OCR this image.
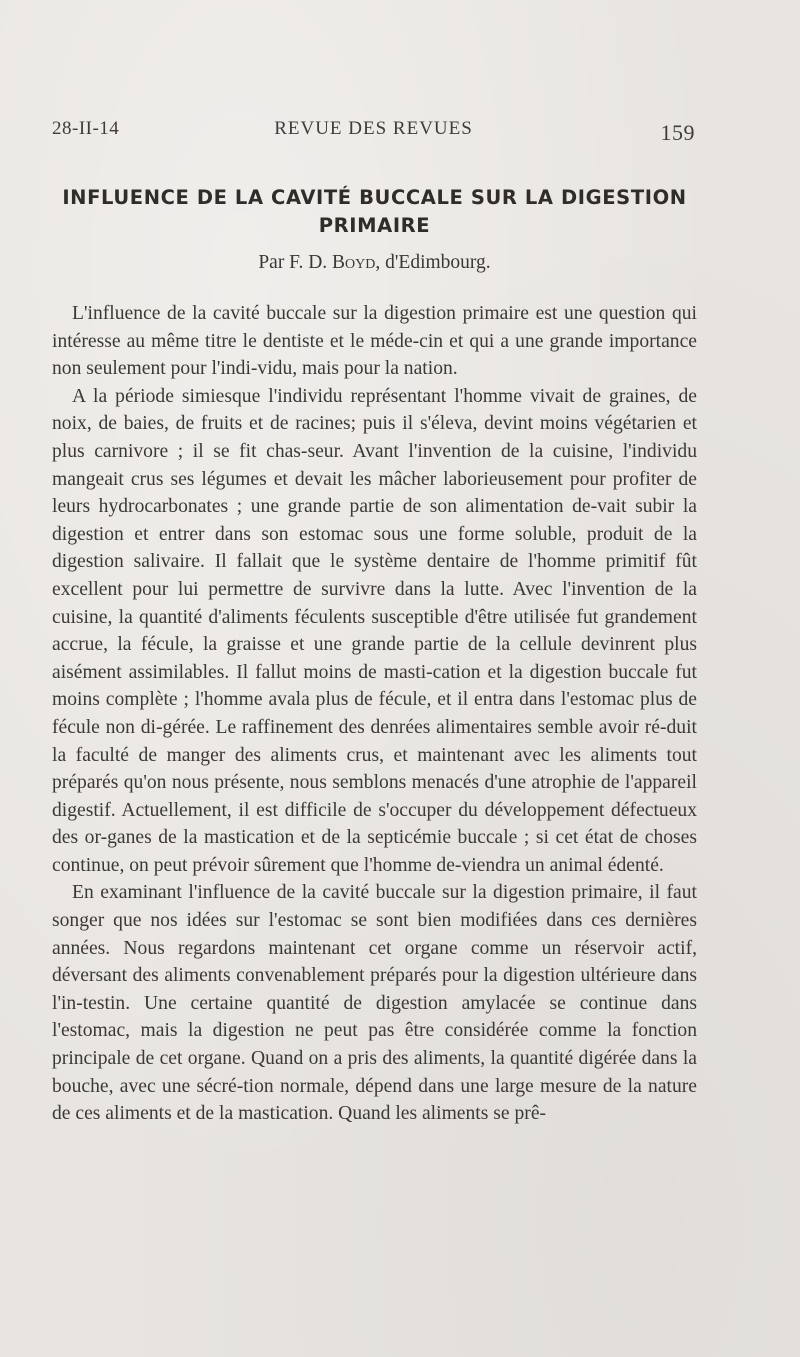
28-II-14	REVUE DES REVUES	159
INFLUENCE DE LA CAVITÉ BUCCALE SUR LA DIGESTION PRIMAIRE
Par F. D. Boyd, d'Edimbourg.

L'influence de la cavité buccale sur la digestion primaire est une question qui intéresse au même titre le dentiste et le méde-cin et qui a une grande importance non seulement pour l'indi-vidu, mais pour la nation.

A la période simiesque l'individu représentant l'homme vivait de graines, de noix, de baies, de fruits et de racines; puis il s'éleva, devint moins végétarien et plus carnivore ; il se fit chas-seur. Avant l'invention de la cuisine, l'individu mangeait crus ses légumes et devait les mâcher laborieusement pour profiter de leurs hydrocarbonates ; une grande partie de son alimentation de-vait subir la digestion et entrer dans son estomac sous une forme soluble, produit de la digestion salivaire. Il fallait que le système dentaire de l'homme primitif fût excellent pour lui permettre de survivre dans la lutte. Avec l'invention de la cuisine, la quantité d'aliments féculents susceptible d'être utilisée fut grandement accrue, la fécule, la graisse et une grande partie de la cellule devinrent plus aisément assimilables. Il fallut moins de masti-cation et la digestion buccale fut moins complète ; l'homme avala plus de fécule, et il entra dans l'estomac plus de fécule non di-gérée. Le raffinement des denrées alimentaires semble avoir ré-duit la faculté de manger des aliments crus, et maintenant avec les aliments tout préparés qu'on nous présente, nous semblons menacés d'une atrophie de l'appareil digestif. Actuellement, il est difficile de s'occuper du développement défectueux des or-ganes de la mastication et de la septicémie buccale ; si cet état de choses continue, on peut prévoir sûrement que l'homme de-viendra un animal édenté.

En examinant l'influence de la cavité buccale sur la digestion primaire, il faut songer que nos idées sur l'estomac se sont bien modifiées dans ces dernières années. Nous regardons maintenant cet organe comme un réservoir actif, déversant des aliments convenablement préparés pour la digestion ultérieure dans l'in-testin. Une certaine quantité de digestion amylacée se continue dans l'estomac, mais la digestion ne peut pas être considérée comme la fonction principale de cet organe. Quand on a pris des aliments, la quantité digérée dans la bouche, avec une sécré-tion normale, dépend dans une large mesure de la nature de ces aliments et de la mastication. Quand les aliments se prê-
